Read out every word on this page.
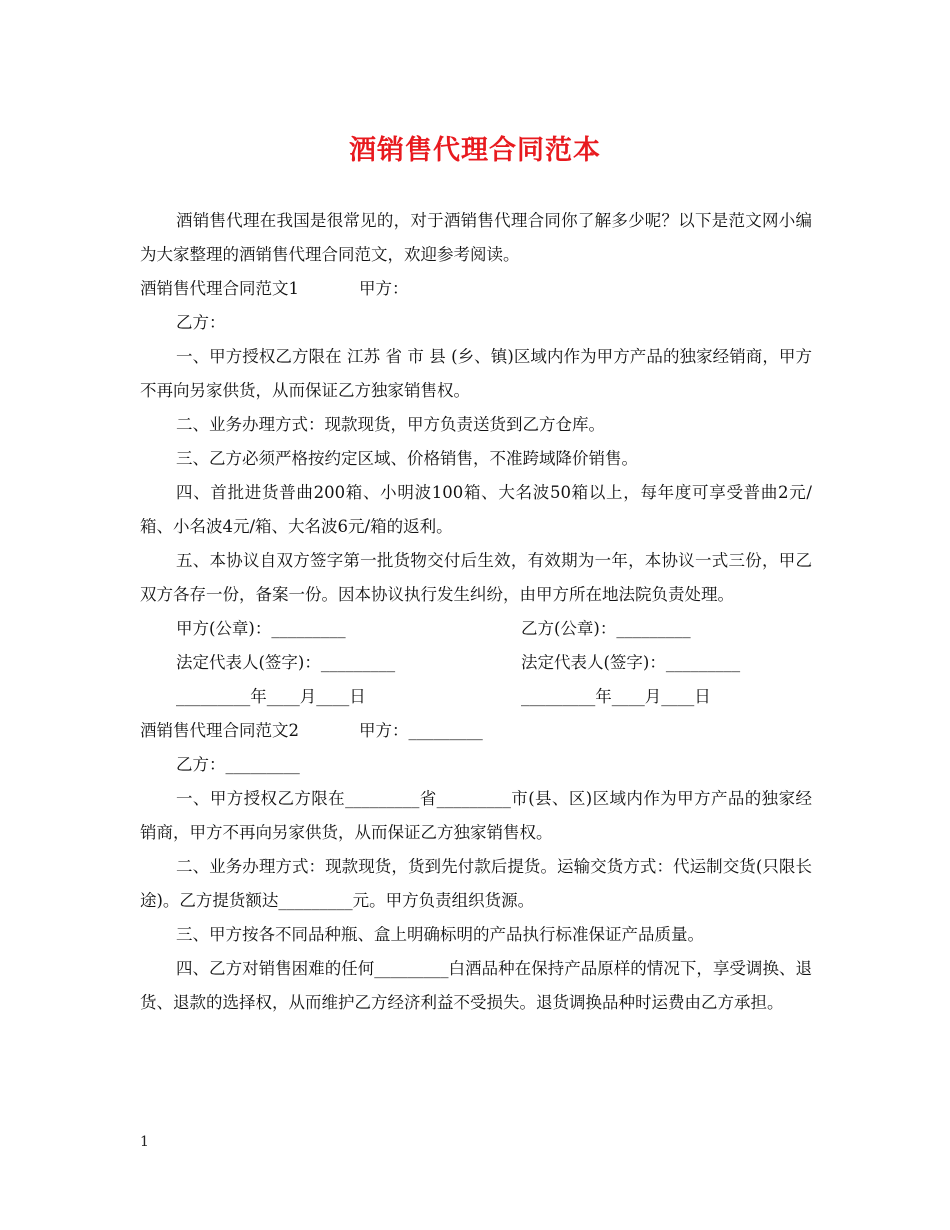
酒销售代理合同范本

酒销售代理在我国是很常见的，对于酒销售代理合同你了解多少呢？以下是范文网小编为大家整理的酒销售代理合同范文，欢迎参考阅读。

酒销售代理合同范文1	甲方：

乙方：

一、甲方授权乙方限在 江苏 省 市 县 (乡、镇)区域内作为甲方产品的独家经销商，甲方不再向另家供货，从而保证乙方独家销售权。

二、业务办理方式：现款现货，甲方负责送货到乙方仓库。

三、乙方必须严格按约定区域、价格销售，不准跨域降价销售。

四、首批进货普曲200箱、小明波100箱、大名波50箱以上，每年度可享受普曲2元/箱、小名波4元/箱、大名波6元/箱的返利。

五、本协议自双方签字第一批货物交付后生效，有效期为一年，本协议一式三份，甲乙双方各存一份，备案一份。因本协议执行发生纠纷，由甲方所在地法院负责处理。

甲方(公章)：_________	乙方(公章)：_________
法定代表人(签字)：_________	法定代表人(签字)：_________
_________年____月____日	_________年____月____日
酒销售代理合同范文2	甲方：_________

乙方：_________

一、甲方授权乙方限在_________省_________市(县、区)区域内作为甲方产品的独家经销商，甲方不再向另家供货，从而保证乙方独家销售权。

二、业务办理方式：现款现货，货到先付款后提货。运输交货方式：代运制交货(只限长途)。乙方提货额达_________元。甲方负责组织货源。

三、甲方按各不同品种瓶、盒上明确标明的产品执行标准保证产品质量。

四、乙方对销售困难的任何_________白酒品种在保持产品原样的情况下，享受调换、退货、退款的选择权，从而维护乙方经济利益不受损失。退货调换品种时运费由乙方承担。

1
